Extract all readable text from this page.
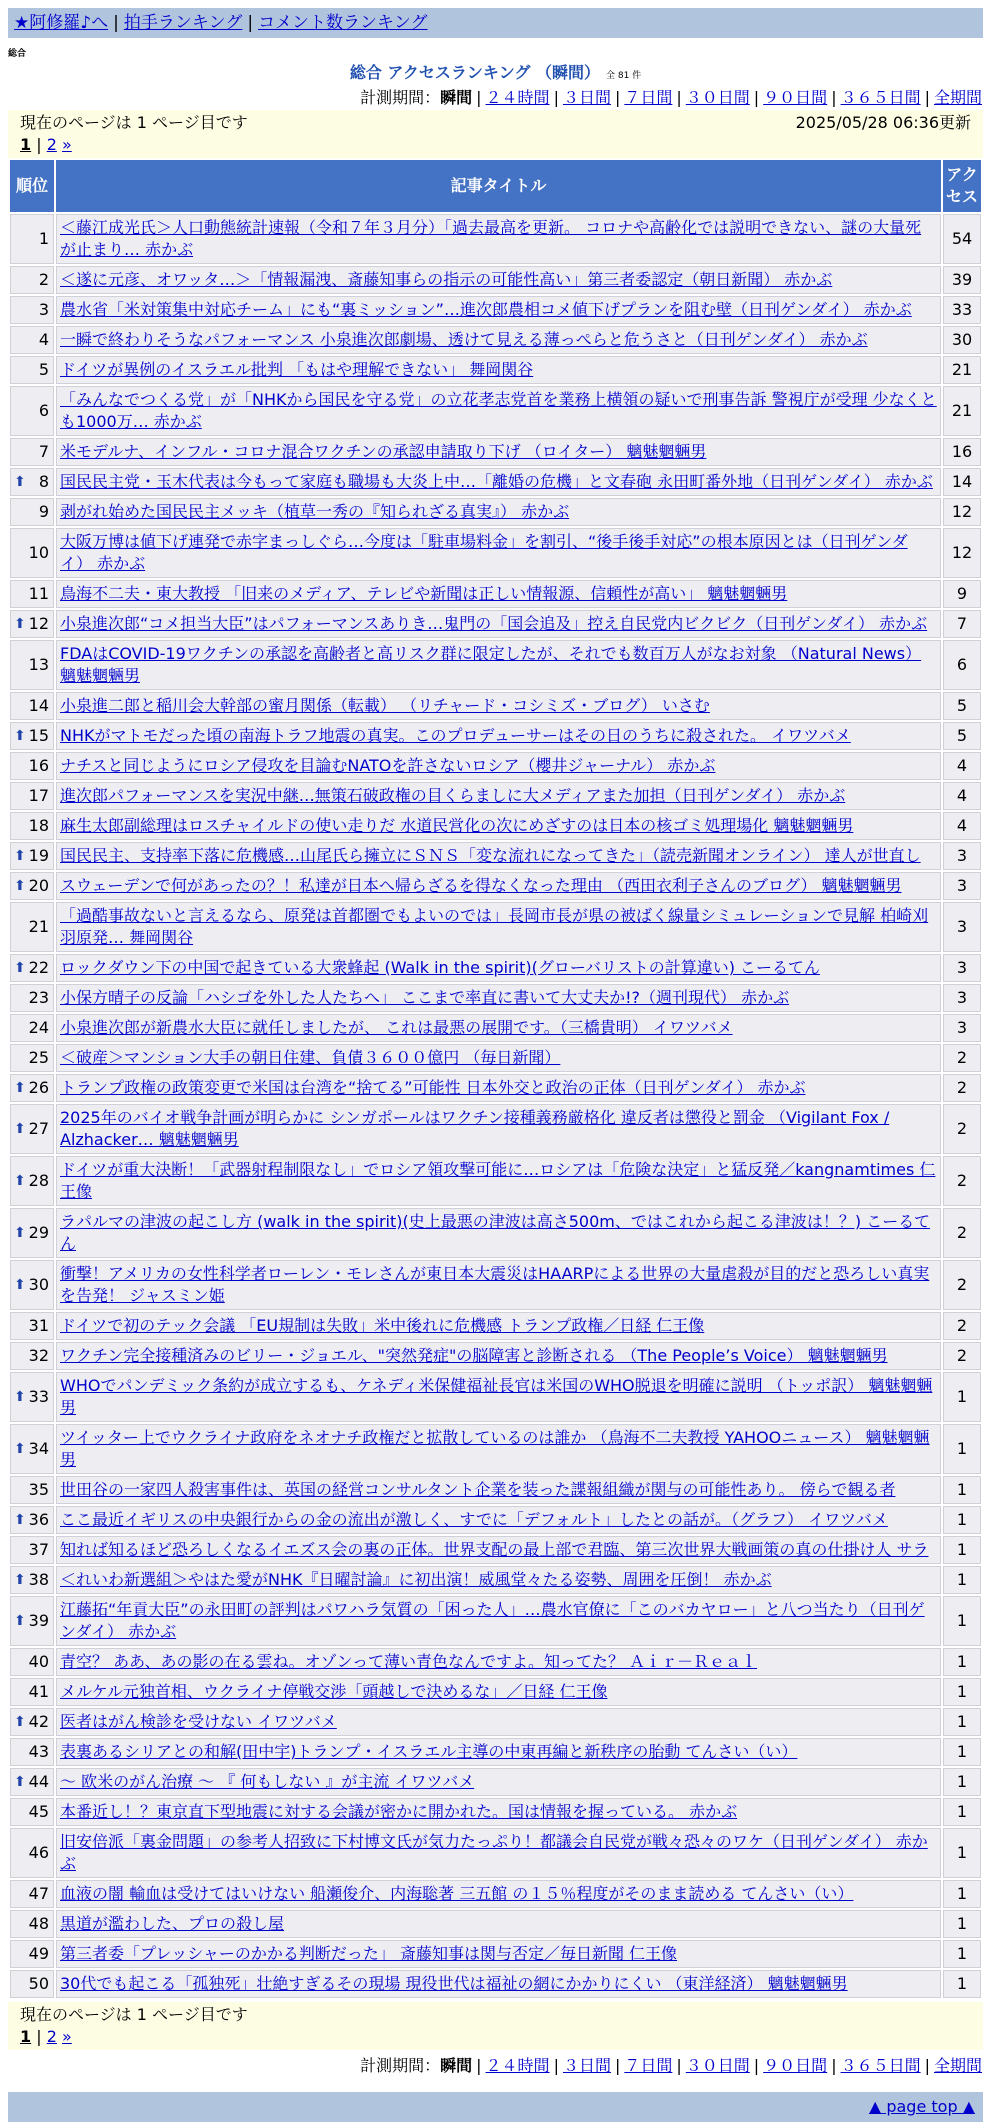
★阿修羅♪へ | 拍手ランキング | コメント数ランキング
総合
総合 アクセスランキング （瞬間） 全 81 件
計測期間：瞬間 | ２４時間 | ３日間 | ７日間 | ３０日間 | ９０日間 | ３６５日間 | 全期間
現在のページは 1 ページ目です	2025/05/28 06:36更新
1 | 2 »
順位	記事タイトル	アクセス
1	＜藤江成光氏＞人口動態統計速報（令和７年３月分）「過去最高を更新。 コロナや高齢化では説明できない、謎の大量死が止まり… 赤かぶ	54
2	＜遂に元彦、オワッタ…＞「情報漏洩、斎藤知事らの指示の可能性高い」第三者委認定（朝日新聞） 赤かぶ	39
3	農水省「米対策集中対応チーム」にも“裏ミッション”…進次郎農相コメ値下げプランを阻む壁（日刊ゲンダイ） 赤かぶ	33
4	一瞬で終わりそうなパフォーマンス 小泉進次郎劇場、透けて見える薄っぺらと危うさと（日刊ゲンダイ） 赤かぶ	30
5	ドイツが異例のイスラエル批判 「もはや理解できない」 舞岡関谷	21
6	「みんなでつくる党」が「NHKから国民を守る党」の立花孝志党首を業務上横領の疑いで刑事告訴 警視庁が受理 少なくとも1000万… 赤かぶ	21
7	米モデルナ、インフル・コロナ混合ワクチンの承認申請取り下げ （ロイター） 魑魅魍魎男	16

⬆ 8	国民民主党・玉木代表は今もって家庭も職場も大炎上中…「離婚の危機」と文春砲 永田町番外地（日刊ゲンダイ） 赤かぶ	14
9	剥がれ始めた国民民主メッキ（植草一秀の『知られざる真実』） 赤かぶ	12
10	大阪万博は値下げ連発で赤字まっしぐら…今度は「駐車場料金」を割引、“後手後手対応”の根本原因とは（日刊ゲンダイ） 赤かぶ	12
11	鳥海不二夫・東大教授 「旧来のメディア、テレビや新聞は正しい情報源、信頼性が高い」 魑魅魍魎男	9

⬆ 12	小泉進次郎“コメ担当大臣”はパフォーマンスありき…鬼門の「国会追及」控え自民党内ビクビク（日刊ゲンダイ） 赤かぶ	7
13	FDAはCOVID-19ワクチンの承認を高齢者と高リスク群に限定したが、それでも数百万人がなお対象 （Natural News） 魑魅魍魎男	6
14	小泉進二郎と稲川会大幹部の蜜月関係（転載） （リチャード・コシミズ・ブログ） いさむ	5

⬆ 15	NHKがマトモだった頃の南海トラフ地震の真実。このプロデューサーはその日のうちに殺された。 イワツバメ	5
16	ナチスと同じようにロシア侵攻を目論むNATOを許さないロシア（櫻井ジャーナル） 赤かぶ	4
17	進次郎パフォーマンスを実況中継…無策石破政権の目くらましに大メディアまた加担（日刊ゲンダイ） 赤かぶ	4
18	麻生太郎副総理はロスチャイルドの使い走りだ 水道民営化の次にめざすのは日本の核ゴミ処理場化 魑魅魍魎男	4

⬆ 19	国民民主、支持率下落に危機感…山尾氏ら擁立にＳＮＳ「変な流れになってきた」（読売新聞オンライン） 達人が世直し	3

⬆ 20	スウェーデンで何があったの？！私達が日本へ帰らざるを得なくなった理由 （西田衣利子さんのブログ） 魑魅魍魎男	3
21	「過酷事故ないと言えるなら、原発は首都圏でもよいのでは」長岡市長が県の被ばく線量シミュレーションで見解 柏崎刈羽原発… 舞岡関谷	3

⬆ 22	ロックダウン下の中国で起きている大衆蜂起 (Walk in the spirit)(グローバリストの計算違い) こーるてん	3
23	小保方晴子の反論「ハシゴを外した人たちへ」 ここまで率直に書いて大丈夫か!?（週刊現代） 赤かぶ	3
24	小泉進次郎が新農水大臣に就任しましたが、 これは最悪の展開です。（三橋貴明） イワツバメ	3
25	＜破産＞マンション大手の朝日住建、負債３６００億円 （毎日新聞）	2

⬆ 26	トランプ政権の政策変更で米国は台湾を“捨てる”可能性 日本外交と政治の正体（日刊ゲンダイ） 赤かぶ	2

⬆ 27	2025年のバイオ戦争計画が明らかに シンガポールはワクチン接種義務厳格化 違反者は懲役と罰金 （Vigilant Fox / Alzhacker… 魑魅魍魎男	2

⬆ 28	ドイツが重大決断！「武器射程制限なし」でロシア領攻撃可能に…ロシアは「危険な決定」と猛反発／kangnamtimes 仁王像	2

⬆ 29	ラパルマの津波の起こし方 (walk in the spirit)(史上最悪の津波は高さ500m、ではこれから起こる津波は！？) こーるてん	2

⬆ 30	衝撃！アメリカの女性科学者ローレン・モレさんが東日本大震災はHAARPによる世界の大量虐殺が目的だと恐ろしい真実を告発！ ジャスミン姫	2
31	ドイツで初のテック会議 「EU規制は失敗」米中後れに危機感 トランプ政権／日経 仁王像	2
32	ワクチン完全接種済みのビリー・ジョエル、"突然発症"の脳障害と診断される （The People’s Voice） 魑魅魍魎男	2

⬆ 33	WHOでパンデミック条約が成立するも、ケネディ米保健福祉長官は米国のWHO脱退を明確に説明 （トッポ訳） 魑魅魍魎男	1

⬆ 34	ツイッター上でウクライナ政府をネオナチ政権だと拡散しているのは誰か （鳥海不二夫教授 YAHOOニュース） 魑魅魍魎男	1
35	世田谷の一家四人殺害事件は、英国の経営コンサルタント企業を装った諜報組織が関与の可能性あり。 傍らで観る者	1

⬆ 36	ここ最近イギリスの中央銀行からの金の流出が激しく、すでに「デフォルト」したとの話が。（グラフ） イワツバメ	1
37	知れば知るほど恐ろしくなるイエズス会の裏の正体。世界支配の最上部で君臨、第三次世界大戦画策の真の仕掛け人 サラ	1

⬆ 38	＜れいわ新選組＞やはた愛がNHK『日曜討論』に初出演！威風堂々たる姿勢、周囲を圧倒！ 赤かぶ	1

⬆ 39	江藤拓“年貢大臣”の永田町の評判はパワハラ気質の「困った人」…農水官僚に「このバカヤロー」と八つ当たり（日刊ゲンダイ） 赤かぶ	1
40	青空？ ああ、あの影の在る雲ね。オゾンって薄い青色なんですよ。知ってた？ Ａｉｒ－Ｒｅａｌ	1
41	メルケル元独首相、ウクライナ停戦交渉「頭越しで決めるな」／日経 仁王像	1

⬆ 42	医者はがん検診を受けない イワツバメ	1
43	表裏あるシリアとの和解(田中宇)トランプ・イスラエル主導の中東再編と新秩序の胎動 てんさい（い）	1

⬆ 44	～ 欧米のがん治療 ～ 『 何もしない 』が主流 イワツバメ	1
45	本番近し！？東京直下型地震に対する会議が密かに開かれた。国は情報を握っている。 赤かぶ	1
46	旧安倍派「裏金問題」の参考人招致に下村博文氏が気力たっぷり！都議会自民党が戦々恐々のワケ（日刊ゲンダイ） 赤かぶ	1
47	血液の闇 輸血は受けてはいけない 船瀬俊介、内海聡著 三五館 の１５％程度がそのまま読める てんさい（い）	1
48	黒道が濫わした、プロの殺し屋	1
49	第三者委「プレッシャーのかかる判断だった」 斎藤知事は関与否定／毎日新聞 仁王像	1
50	30代でも起こる「孤独死」壮絶すぎるその現場 現役世代は福祉の網にかかりにくい （東洋経済） 魑魅魍魎男	1
現在のページは 1 ページ目です
1 | 2 »
計測期間：瞬間 | ２４時間 | ３日間 | ７日間 | ３０日間 | ９０日間 | ３６５日間 | 全期間
▲ page top ▲
